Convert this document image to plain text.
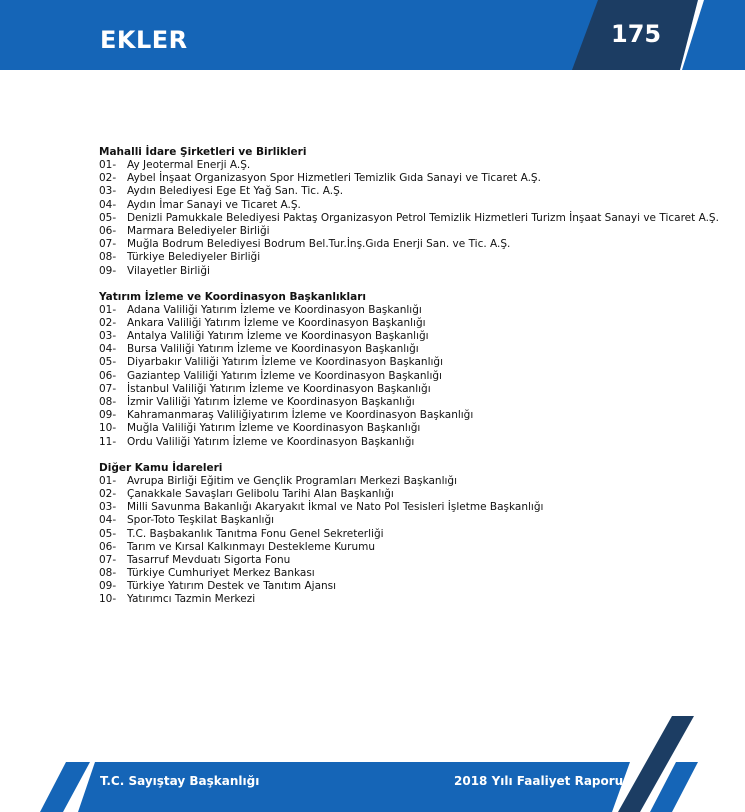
EKLER	175
Mahalli İdare Şirketleri ve Birlikleri
01-	Ay Jeotermal Enerji A.Ş.
02-	Aybel İnşaat Organizasyon Spor Hizmetleri Temizlik Gıda Sanayi ve Ticaret A.Ş.
03-	Aydın Belediyesi Ege Et Yağ San. Tic. A.Ş.
04-	Aydın İmar Sanayi ve Ticaret A.Ş.
05-	Denizli Pamukkale Belediyesi Paktaş Organizasyon Petrol Temizlik Hizmetleri Turizm İnşaat Sanayi ve Ticaret A.Ş.
06-	Marmara Belediyeler Birliği
07-	Muğla Bodrum Belediyesi Bodrum Bel.Tur.İnş.Gıda Enerji San. ve Tic. A.Ş.
08-	Türkiye Belediyeler Birliği
09-	Vilayetler Birliği
Yatırım İzleme ve Koordinasyon Başkanlıkları
01-	Adana Valiliği Yatırım İzleme ve Koordinasyon Başkanlığı
02-	Ankara Valiliği Yatırım İzleme ve Koordinasyon Başkanlığı
03-	Antalya Valiliği Yatırım İzleme ve Koordinasyon Başkanlığı
04-	Bursa Valiliği Yatırım İzleme ve Koordinasyon Başkanlığı
05-	Diyarbakır Valiliği Yatırım İzleme ve Koordinasyon Başkanlığı
06-	Gaziantep Valiliği Yatırım İzleme ve Koordinasyon Başkanlığı
07-	İstanbul Valiliği Yatırım İzleme ve Koordinasyon Başkanlığı
08-	İzmir Valiliği Yatırım İzleme ve Koordinasyon Başkanlığı
09-	Kahramanmaraş Valiliğiyatırım İzleme ve Koordinasyon Başkanlığı
10-	Muğla Valiliği Yatırım İzleme ve Koordinasyon Başkanlığı
11-	Ordu Valiliği Yatırım İzleme ve Koordinasyon Başkanlığı
Diğer Kamu İdareleri
01-	Avrupa Birliği Eğitim ve Gençlik Programları Merkezi Başkanlığı
02-	Çanakkale Savaşları Gelibolu Tarihi Alan Başkanlığı
03-	Milli Savunma Bakanlığı Akaryakıt İkmal ve Nato Pol Tesisleri İşletme Başkanlığı
04-	Spor-Toto Teşkilat Başkanlığı
05-	T.C. Başbakanlık Tanıtma Fonu Genel Sekreterliği
06-	Tarım ve Kırsal Kalkınmayı Destekleme Kurumu
07-	Tasarruf Mevduatı Sigorta Fonu
08-	Türkiye Cumhuriyet Merkez Bankası
09-	Türkiye Yatırım Destek ve Tanıtım Ajansı
10-	Yatırımcı Tazmin Merkezi
T.C. Sayıştay Başkanlığı	2018 Yılı Faaliyet Raporu
